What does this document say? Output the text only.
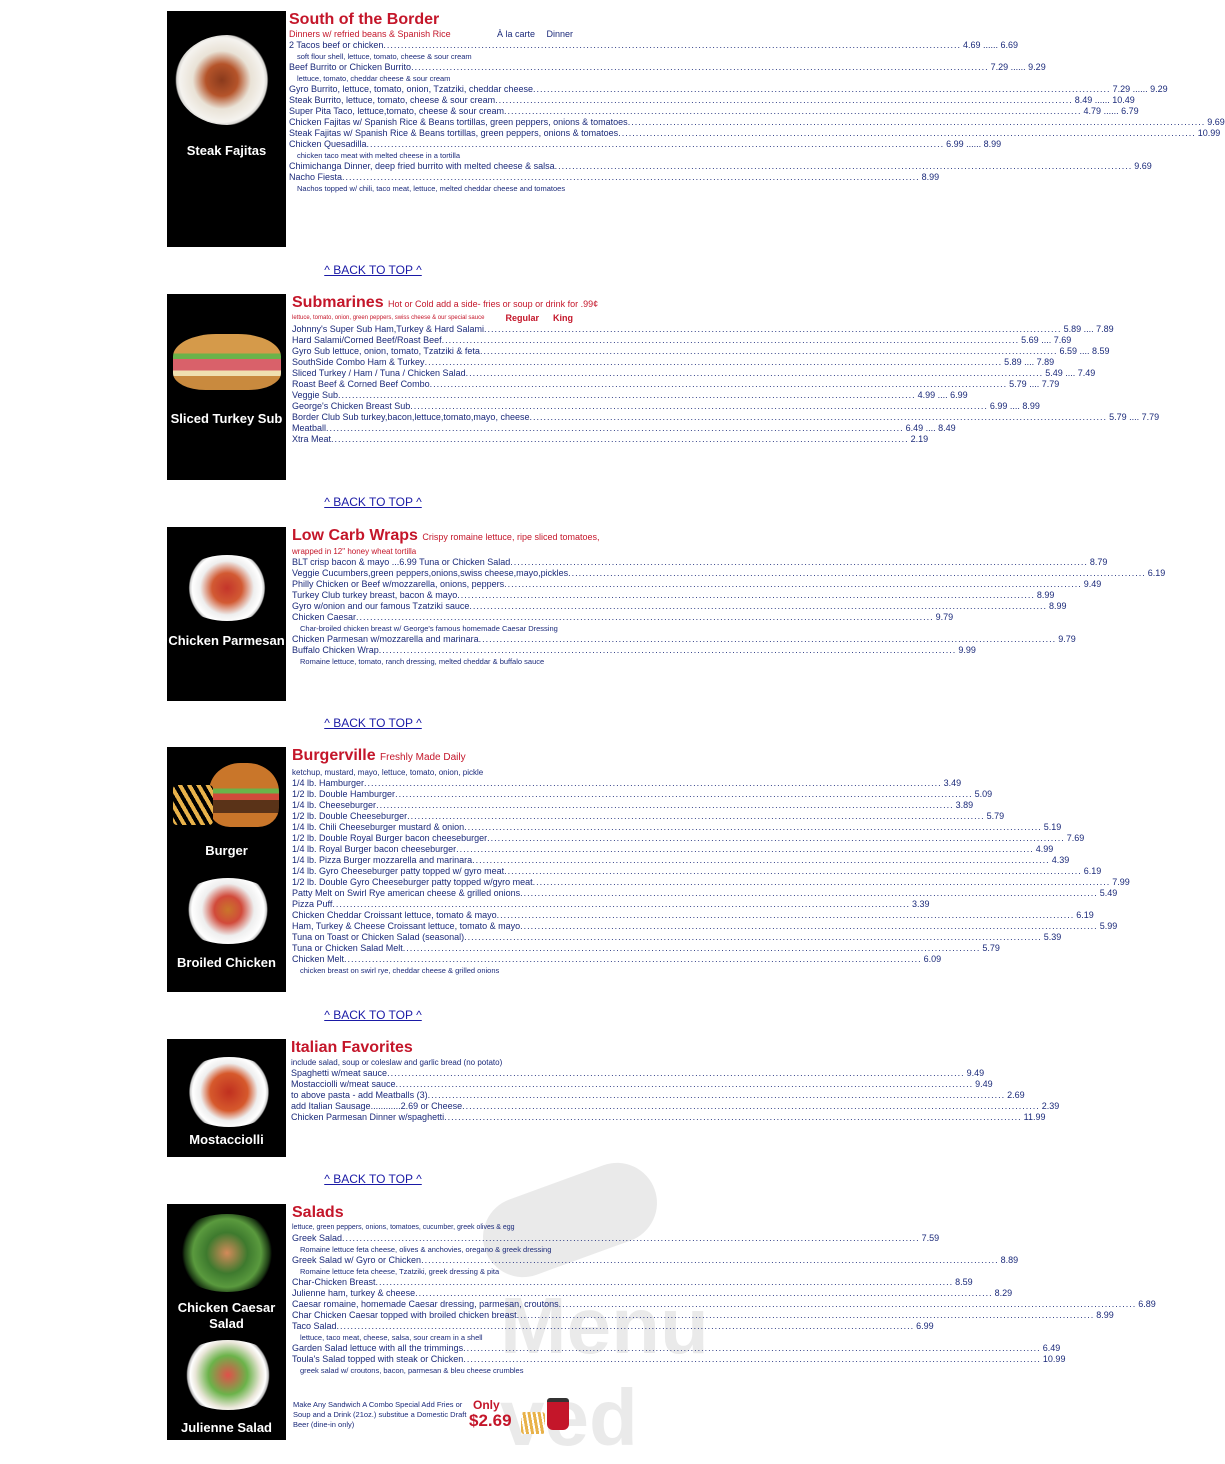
Steak Fajitas
South of the Border
Dinners w/ refried beans & Spanish Rice	À la carte	Dinner
2 Tacos beef or chicken .....	4.69 ...... 6.69
soft flour shell, lettuce, tomato, cheese & sour cream
Beef Burrito or Chicken Burrito .....	7.29 ...... 9.29
lettuce, tomato, cheddar cheese & sour cream
Gyro Burrito, lettuce, tomato, onion, Tzatziki, cheddar cheese .....	7.29 ...... 9.29
Steak Burrito, lettuce, tomato, cheese & sour cream .....	8.49 ...... 10.49
Super Pita Taco, lettuce,tomato, cheese & sour cream .....	4.79 ...... 6.79
Chicken Fajitas w/ Spanish Rice & Beans tortillas, green peppers, onions & tomatoes .....	9.69
Steak Fajitas w/ Spanish Rice & Beans tortillas, green peppers, onions & tomatoes .....	10.99
Chicken Quesadilla .....	6.99 ...... 8.99
chicken taco meat with melted cheese in a tortilla
Chimichanga Dinner, deep fried burrito with melted cheese & salsa .....	9.69
Nacho Fiesta .....	8.99
Nachos topped w/ chili, taco meat, lettuce, melted cheddar cheese and tomatoes
^ BACK TO TOP ^
Sliced Turkey Sub
Submarines Hot or Cold add a side- fries or soup or drink for .99¢
lettuce, tomato, onion, green peppers, swiss cheese & our special sauce	Regular	King
Johnny's Super Sub Ham,Turkey & Hard Salami .....	5.89 .... 7.89
Hard Salami/Corned Beef/Roast Beef .....	5.69 .... 7.69
Gyro Sub lettuce, onion, tomato, Tzatziki & feta .....	6.59 .... 8.59
SouthSide Combo Ham & Turkey .....	5.89 .... 7.89
Sliced Turkey / Ham / Tuna / Chicken Salad .....	5.49 .... 7.49
Roast Beef & Corned Beef Combo .....	5.79 .... 7.79
Veggie Sub .....	4.99 .... 6.99
George's Chicken Breast Sub .....	6.99 .... 8.99
Border Club Sub turkey,bacon,lettuce,tomato,mayo, cheese .....	5.79 .... 7.79
Meatball .....	6.49 .... 8.49
Xtra Meat .....	2.19
^ BACK TO TOP ^
Chicken Parmesan
Low Carb Wraps Crispy romaine lettuce, ripe sliced tomatoes,
wrapped in 12" honey wheat tortilla
BLT crisp bacon & mayo ...6.99 Tuna or Chicken Salad .....	8.79
Veggie Cucumbers,green peppers,onions,swiss cheese,mayo,pickles .....	6.19
Philly Chicken or Beef w/mozzarella, onions, peppers .....	9.49
Turkey Club turkey breast, bacon & mayo .....	8.99
Gyro w/onion and our famous Tzatziki sauce .....	8.99
Chicken Caesar .....	9.79
Char-broiled chicken breast w/ George's famous homemade Caesar Dressing
Chicken Parmesan w/mozzarella and marinara .....	9.79
Buffalo Chicken Wrap .....	9.99
Romaine lettuce, tomato, ranch dressing, melted cheddar & buffalo sauce
^ BACK TO TOP ^
Burger
Broiled Chicken
Burgerville Freshly Made Daily
ketchup, mustard, mayo, lettuce, tomato, onion, pickle
1/4 lb. Hamburger .....	3.49
1/2 lb. Double Hamburger .....	5.09
1/4 lb. Cheeseburger .....	3.89
1/2 lb. Double Cheeseburger .....	5.79
1/4 lb. Chili Cheeseburger mustard & onion .....	5.19
1/2 lb. Double Royal Burger bacon cheeseburger .....	7.69
1/4 lb. Royal Burger bacon cheeseburger .....	4.99
1/4 lb. Pizza Burger mozzarella and marinara .....	4.39
1/4 lb. Gyro Cheeseburger patty topped w/ gyro meat .....	6.19
1/2 lb. Double Gyro Cheeseburger patty topped w/gyro meat .....	7.99
Patty Melt on Swirl Rye american cheese & grilled onions .....	5.49
Pizza Puff .....	3.39
Chicken Cheddar Croissant lettuce, tomato & mayo .....	6.19
Ham, Turkey & Cheese Croissant lettuce, tomato & mayo .....	5.99
Tuna on Toast or Chicken Salad (seasonal) .....	5.39
Tuna or Chicken Salad Melt .....	5.79
Chicken Melt .....	6.09
chicken breast on swirl rye, cheddar cheese & grilled onions
^ BACK TO TOP ^
Mostacciolli
Italian Favorites
include salad, soup or coleslaw and garlic bread (no potato)
Spaghetti w/meat sauce .....	9.49
Mostacciolli w/meat sauce .....	9.49
to above pasta - add Meatballs (3) .....	2.69
add Italian Sausage............2.69 or Cheese .....	2.39
Chicken Parmesan Dinner w/spaghetti .....	11.99
^ BACK TO TOP ^
Menu
Chicken Caesar Salad
Julienne Salad
Salads
lettuce, green peppers, onions, tomatoes, cucumber, greek olives & egg
Greek Salad .....	7.59
Romaine lettuce feta cheese, olives & anchovies, oregano & greek dressing
Greek Salad w/ Gyro or Chicken .....	8.89
Romaine lettuce feta cheese, Tzatziki, greek dressing & pita
Char-Chicken Breast .....	8.59
Julienne ham, turkey & cheese .....	8.29
Caesar romaine, homemade Caesar dressing, parmesan, croutons .....	6.89
Char Chicken Caesar topped with broiled chicken breast .....	8.99
Taco Salad .....	6.99
lettuce, taco meat, cheese, salsa, sour cream in a shell
Garden Salad lettuce with all the trimmings .....	6.49
Toula's Salad topped with steak or Chicken .....	10.99
greek salad w/ croutons, bacon, parmesan & bleu cheese crumbles
Make Any Sandwich A Combo Special Add Fries or Soup and a Drink (21oz.) substitue a Domestic Draft Beer (dine-in only)
Only
$2.69
